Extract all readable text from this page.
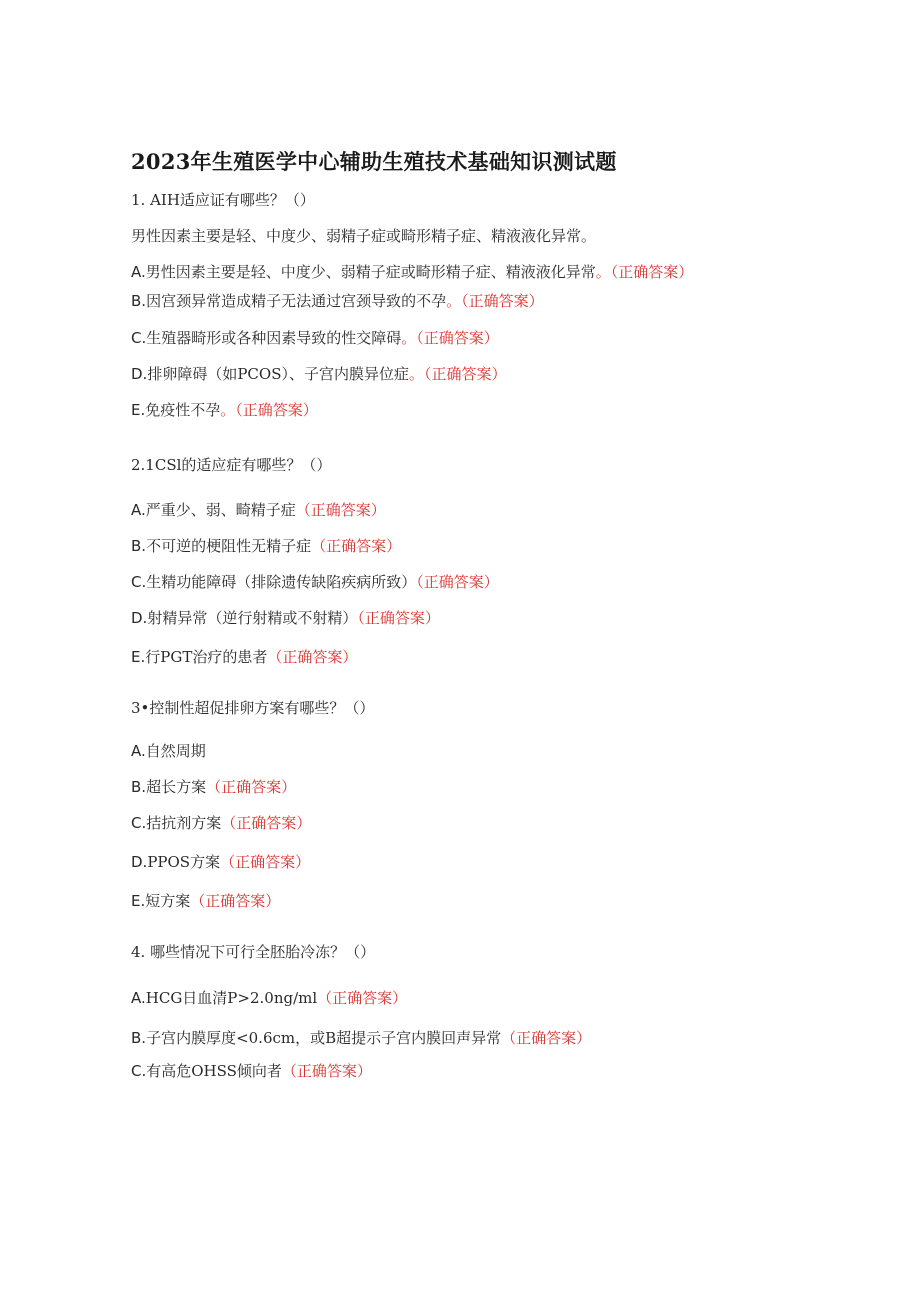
2023年生殖医学中心辅助生殖技术基础知识测试题
1. AIH适应证有哪些？（）
男性因素主要是轻、中度少、弱精子症或畸形精子症、精液液化异常。
A.男性因素主要是轻、中度少、弱精子症或畸形精子症、精液液化异常。（正确答案）
B.因宫颈异常造成精子无法通过宫颈导致的不孕。（正确答案）
C.生殖器畸形或各种因素导致的性交障碍。（正确答案）
D.排卵障碍（如PCOS）、子宫内膜异位症。（正确答案）
E.免疫性不孕。（正确答案）
2.1CSl的适应症有哪些？（）
A.严重少、弱、畸精子症（正确答案）
B.不可逆的梗阻性无精子症（正确答案）
C.生精功能障碍（排除遗传缺陷疾病所致）（正确答案）
D.射精异常（逆行射精或不射精）（正确答案）
E.行PGT治疗的患者（正确答案）
3•控制性超促排卵方案有哪些？（）
A.自然周期
B.超长方案（正确答案）
C.拮抗剂方案（正确答案）
D.PPOS方案（正确答案）
E.短方案（正确答案）
4. 哪些情况下可行全胚胎冷冻？（）
A.HCG日血清P>2.0ng∕ml（正确答案）
B.子宫内膜厚度<0.6cm，或B超提示子宫内膜回声异常（正确答案）
C.有高危OHSS倾向者（正确答案）
